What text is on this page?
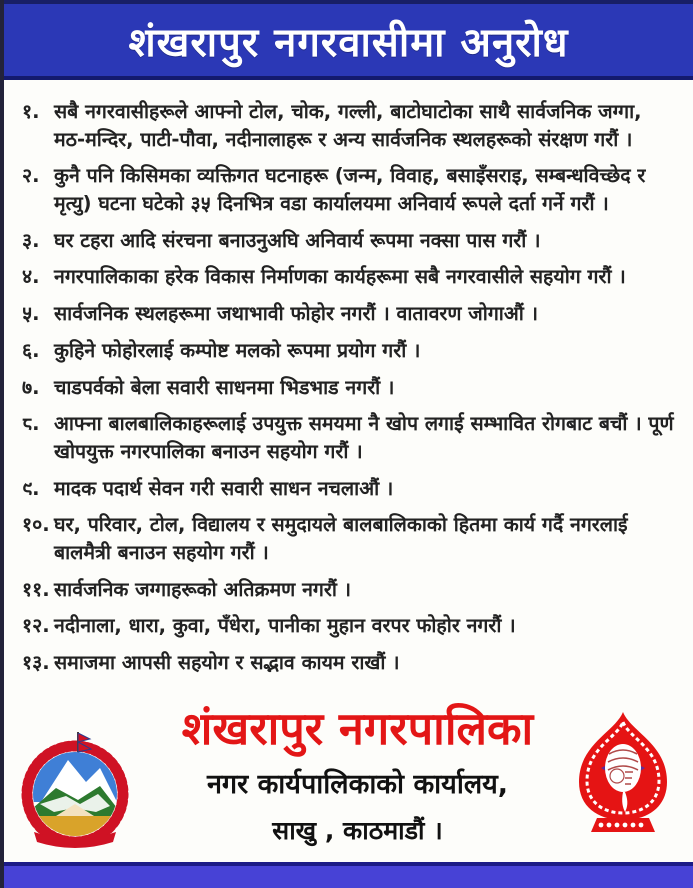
शंखरापुर नगरवासीमा अनुरोध
१. सबै नगरवासीहरूले आफ्नो टोल, चोक, गल्ली, बाटोघाटोका साथै सार्वजनिक जग्गा, मठ-मन्दिर, पाटी-पौवा, नदीनालाहरू र अन्य सार्वजनिक स्थलहरूको संरक्षण गरौं ।
२. कुनै पनि किसिमका व्यक्तिगत घटनाहरू (जन्म, विवाह, बसाइँसराइ, सम्बन्धविच्छेद र मृत्यु) घटना घटेको ३५ दिनभित्र वडा कार्यालयमा अनिवार्य रूपले दर्ता गर्ने गरौं ।
३. घर टहरा आदि संरचना बनाउनुअघि अनिवार्य रूपमा नक्सा पास गरौं ।
४. नगरपालिकाका हरेक विकास निर्माणका कार्यहरूमा सबै नगरवासीले सहयोग गरौं ।
५. सार्वजनिक स्थलहरूमा जथाभावी फोहोर नगरौं । वातावरण जोगाऔं ।
६. कुहिने फोहोरलाई कम्पोष्ट मलको रूपमा प्रयोग गरौं ।
७. चाडपर्वको बेला सवारी साधनमा भिडभाड नगरौं ।
८. आफ्ना बालबालिकाहरूलाई उपयुक्त समयमा नै खोप लगाई सम्भावित रोगबाट बचौं । पूर्ण खोपयुक्त नगरपालिका बनाउन सहयोग गरौं ।
९. मादक पदार्थ सेवन गरी सवारी साधन नचलाऔं ।
१०. घर, परिवार, टोल, विद्यालय र समुदायले बालबालिकाको हितमा कार्य गर्दै नगरलाई बालमैत्री बनाउन सहयोग गरौं ।
११. सार्वजनिक जग्गाहरूको अतिक्रमण नगरौं ।
१२. नदीनाला, धारा, कुवा, पँधेरा, पानीका मुहान वरपर फोहोर नगरौं ।
१३. समाजमा आपसी सहयोग र सद्भाव कायम राखौं ।
शंखरापुर नगरपालिका
नगर कार्यपालिकाको कार्यालय,
साखु , काठमाडौं ।
